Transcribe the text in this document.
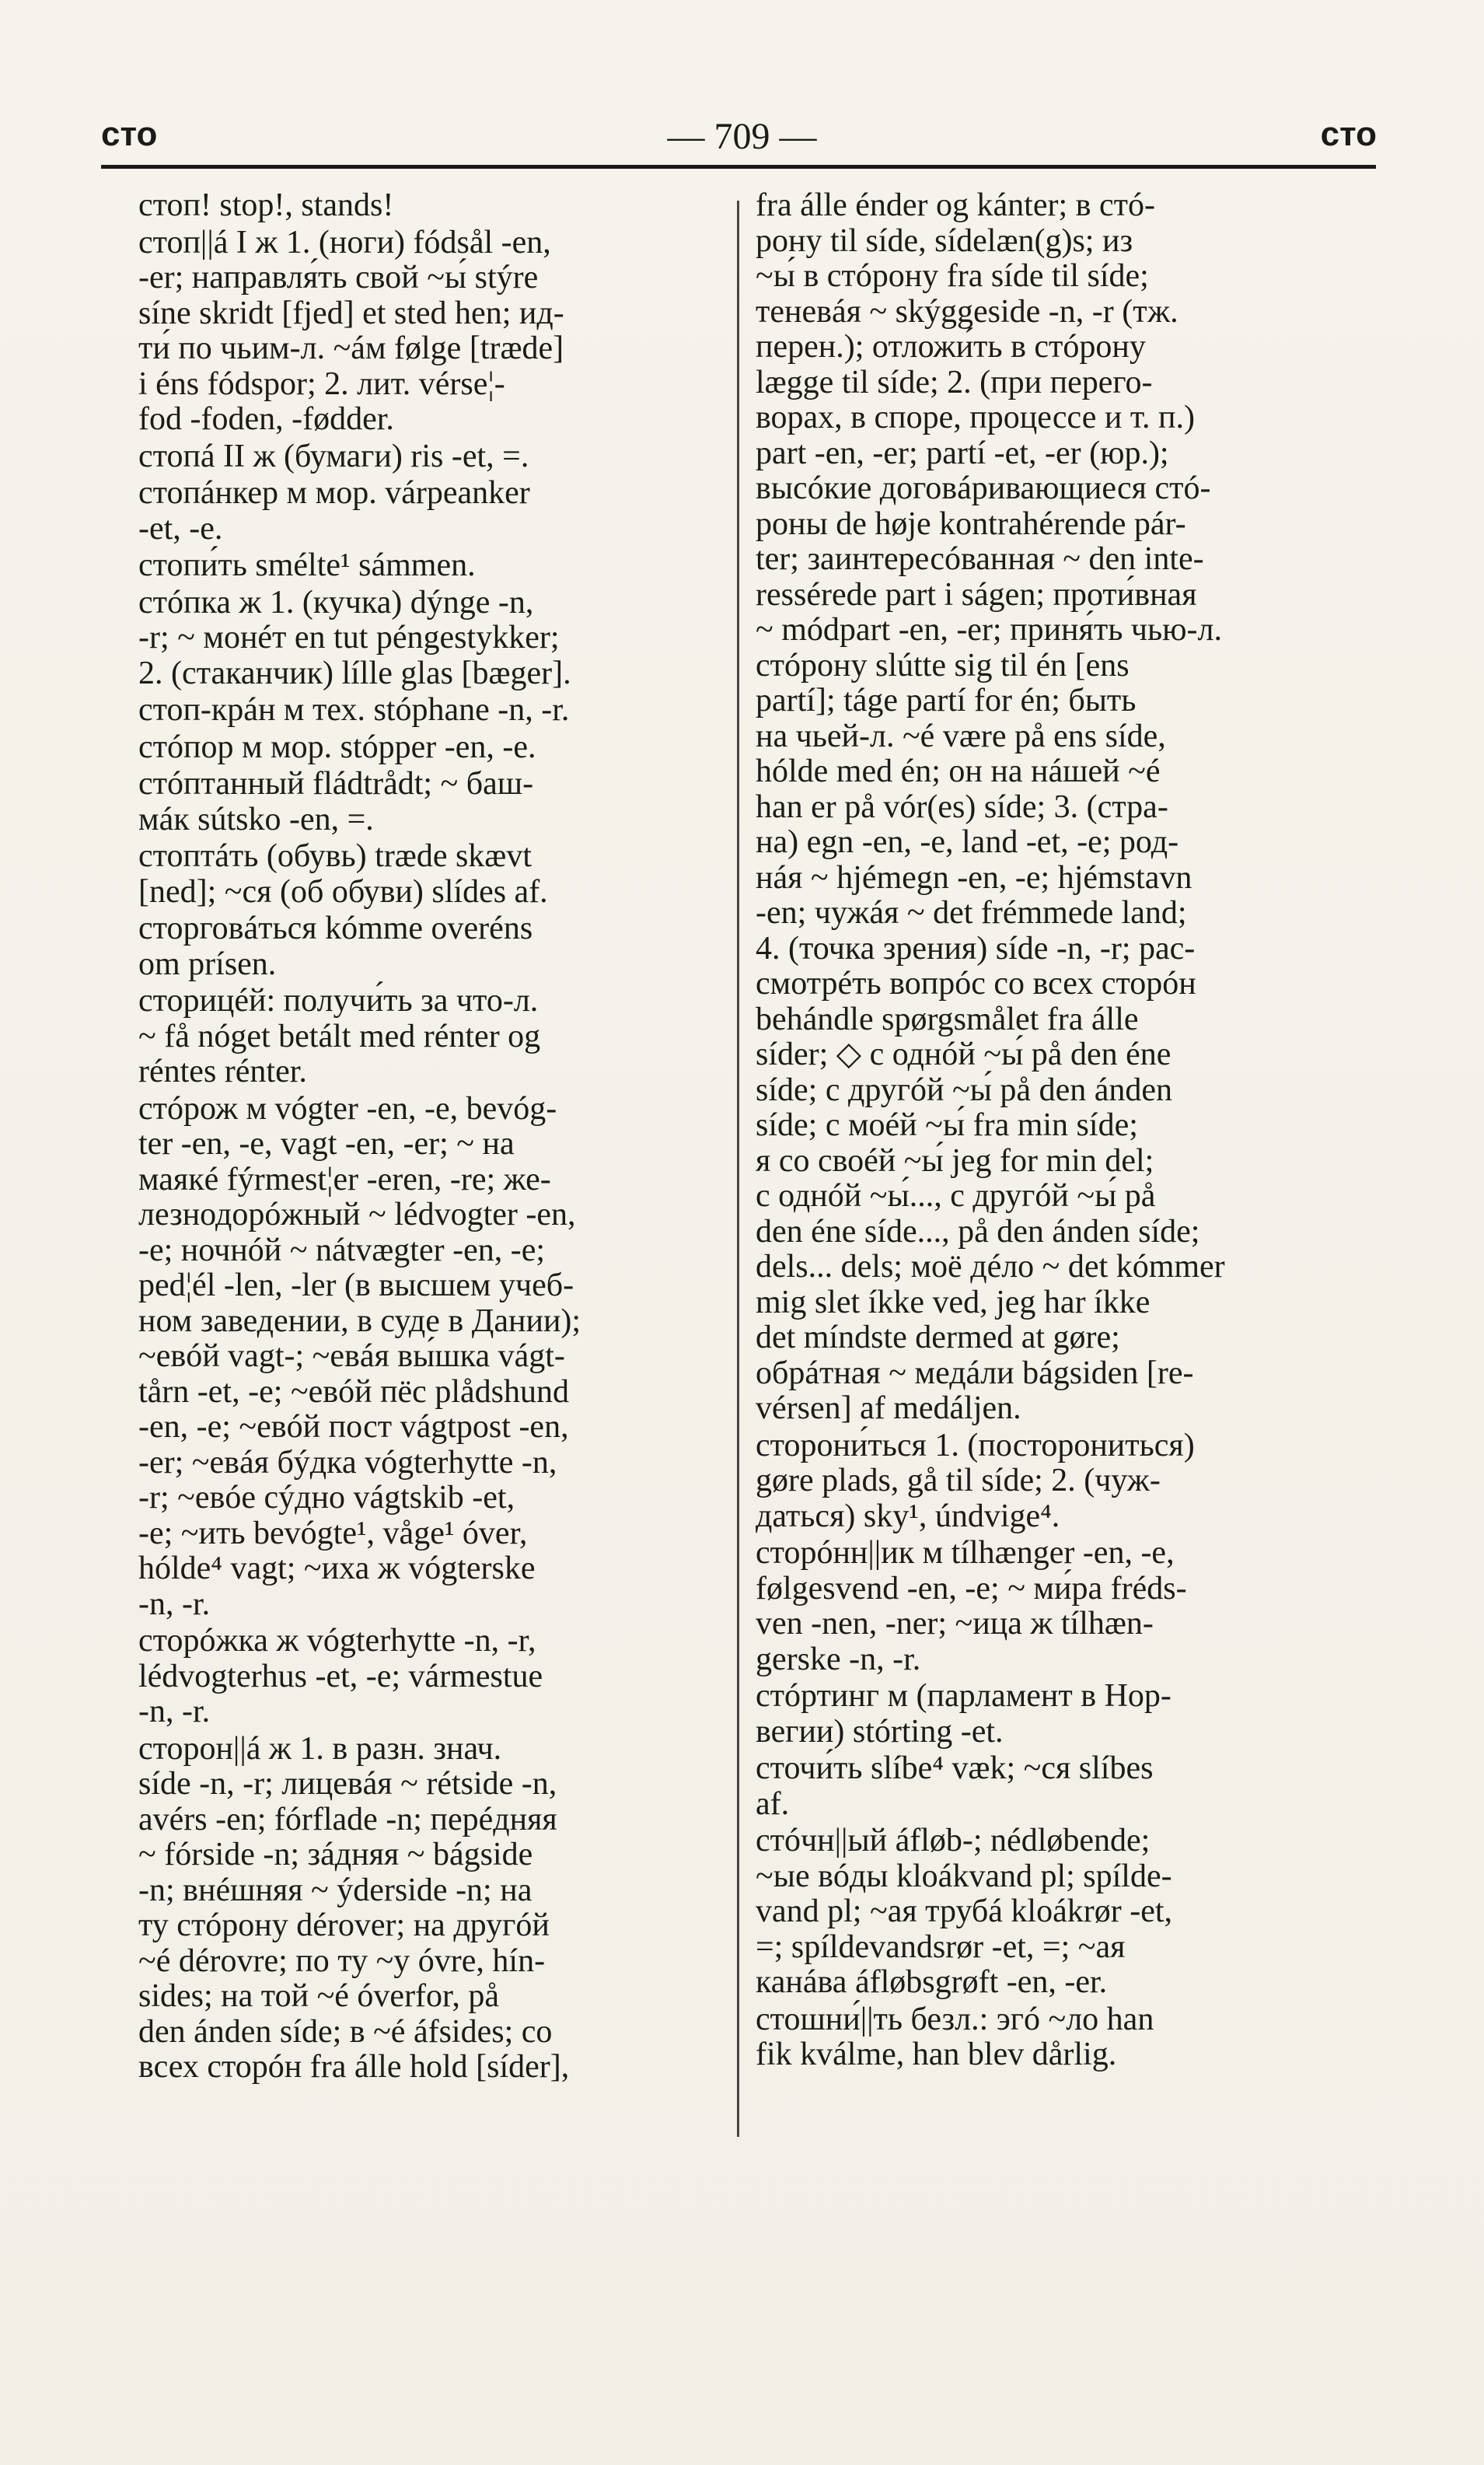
сто	— 709 —	сто
стоп! stop!, stands!
стоп||á I ж 1. (ноги) fódsål -en,
-er; направля́ть свой ~ы́ stýre
síne skridt [fjed] et sted hen; ид-
ти́ по чьим-л. ~áм følge [træde]
i éns fódspor; 2. лит. vérse¦-
fod -foden, -fødder.
стопá II ж (бумаги) ris -et, =.
стопáнкер м мор. várpeanker
-et, -e.
стопи́ть smélte¹ sámmen.
стóпка ж 1. (кучка) dýnge -n,
-r; ~ монéт en tut péngestykker;
2. (стаканчик) lílle glas [bæger].
стоп-крáн м тех. stóphane -n, -r.
стóпор м мор. stópper -en, -e.
стóптанный fládtrådt; ~ баш-
мáк sútsko -en, =.
стоптáть (обувь) træde skævt
[ned]; ~ся (об обуви) slídes af.
сторговáться kómme overéns
om prísen.
сторицéй: получи́ть за что-л.
~ få nóget betált med rénter og
réntes rénter.
стóрож м vógter -en, -e, bevóg-
ter -en, -e, vagt -en, -er; ~ на
маякé fýrmest¦er -eren, -re; же-
лезнодорóжный ~ lédvogter -en,
-e; ночнóй ~ nátvægter -en, -e;
ped¦él -len, -ler (в высшем учеб-
ном заведении, в суде в Дании);
~евóй vagt-; ~евáя вы́шка vágt-
tårn -et, -e; ~евóй пёс plådshund
-en, -e; ~евóй пост vágtpost -en,
-er; ~евáя бýдка vógterhytte -n,
-r; ~евóе сýдно vágtskib -et,
-e; ~ить bevógte¹, våge¹ óver,
hólde⁴ vagt; ~иха ж vógterske
-n, -r.
сторóжка ж vógterhytte -n, -r,
lédvogterhus -et, -e; vármestue
-n, -r.
сторон||á ж 1. в разн. знач.
síde -n, -r; лицевáя ~ rétside -n,
avérs -en; fórflade -n; перéдняя
~ fórside -n; зáдняя ~ bágside
-n; внéшняя ~ ýderside -n; на
ту стóрону dérover; на другóй
~é dérovre; по ту ~у óvre, hín-
sides; на той ~é óverfor, på
den ánden síde; в ~é áfsides; со
всех сторóн fra álle hold [síder],
fra álle énder og kánter; в стó-
рону til síde, sídelæn(g)s; из
~ы́ в стóрону fra síde til síde;
теневáя ~ skýggeside -n, -r (тж.
перен.); отложи́ть в стóрону
lægge til síde; 2. (при перего-
ворах, в споре, процессе и т. п.)
part -en, -er; partí -et, -er (юр.);
высóкие договáривающиеся стó-
роны de høje kontrahérende pár-
ter; заинтересóванная ~ den inte-
ressérede part i ságen; проти́вная
~ módpart -en, -er; приня́ть чью-л.
стóрону slútte sig til én [ens
partí]; táge partí for én; быть
на чьей-л. ~é være på ens síde,
hólde med én; он на нáшей ~é
han er på vór(es) síde; 3. (стра-
на) egn -en, -e, land -et, -e; род-
нáя ~ hjémegn -en, -e; hjémstavn
-en; чужáя ~ det frémmede land;
4. (точка зрения) síde -n, -r; рас-
смотрéть вопрóс со всех сторóн
behándle spørgsmålet fra álle
síder; ◇ с однóй ~ы́ på den éne
síde; с другóй ~ы́ på den ánden
síde; с моéй ~ы́ fra min síde;
я со своéй ~ы́ jeg for min del;
с однóй ~ы́..., с другóй ~ы́ på
den éne síde..., på den ánden síde;
dels... dels; моё дéло ~ det kómmer
mig slet íkke ved, jeg har íkke
det míndste dermed at gøre;
обрáтная ~ медáли bágsiden [re-
vérsen] af medáljen.
сторони́ться 1. (посторониться)
gøre plads, gå til síde; 2. (чуж-
даться) sky¹, úndvige⁴.
сторóнн||ик м tílhænger -en, -e,
følgesvend -en, -e; ~ ми́ра fréds-
ven -nen, -ner; ~ица ж tílhæn-
gerske -n, -r.
стóртинг м (парламент в Нор-
вегии) stórting -et.
сточи́ть slíbe⁴ væk; ~ся slíbes
af.
стóчн||ый áfløb-; nédløbende;
~ые вóды kloákvand pl; spílde-
vand pl; ~ая трубá kloákrør -et,
=; spíldevandsrør -et, =; ~ая
канáва áfløbsgrøft -en, -er.
стошни́||ть безл.: эгó ~ло han
fik kválme, han blev dårlig.
